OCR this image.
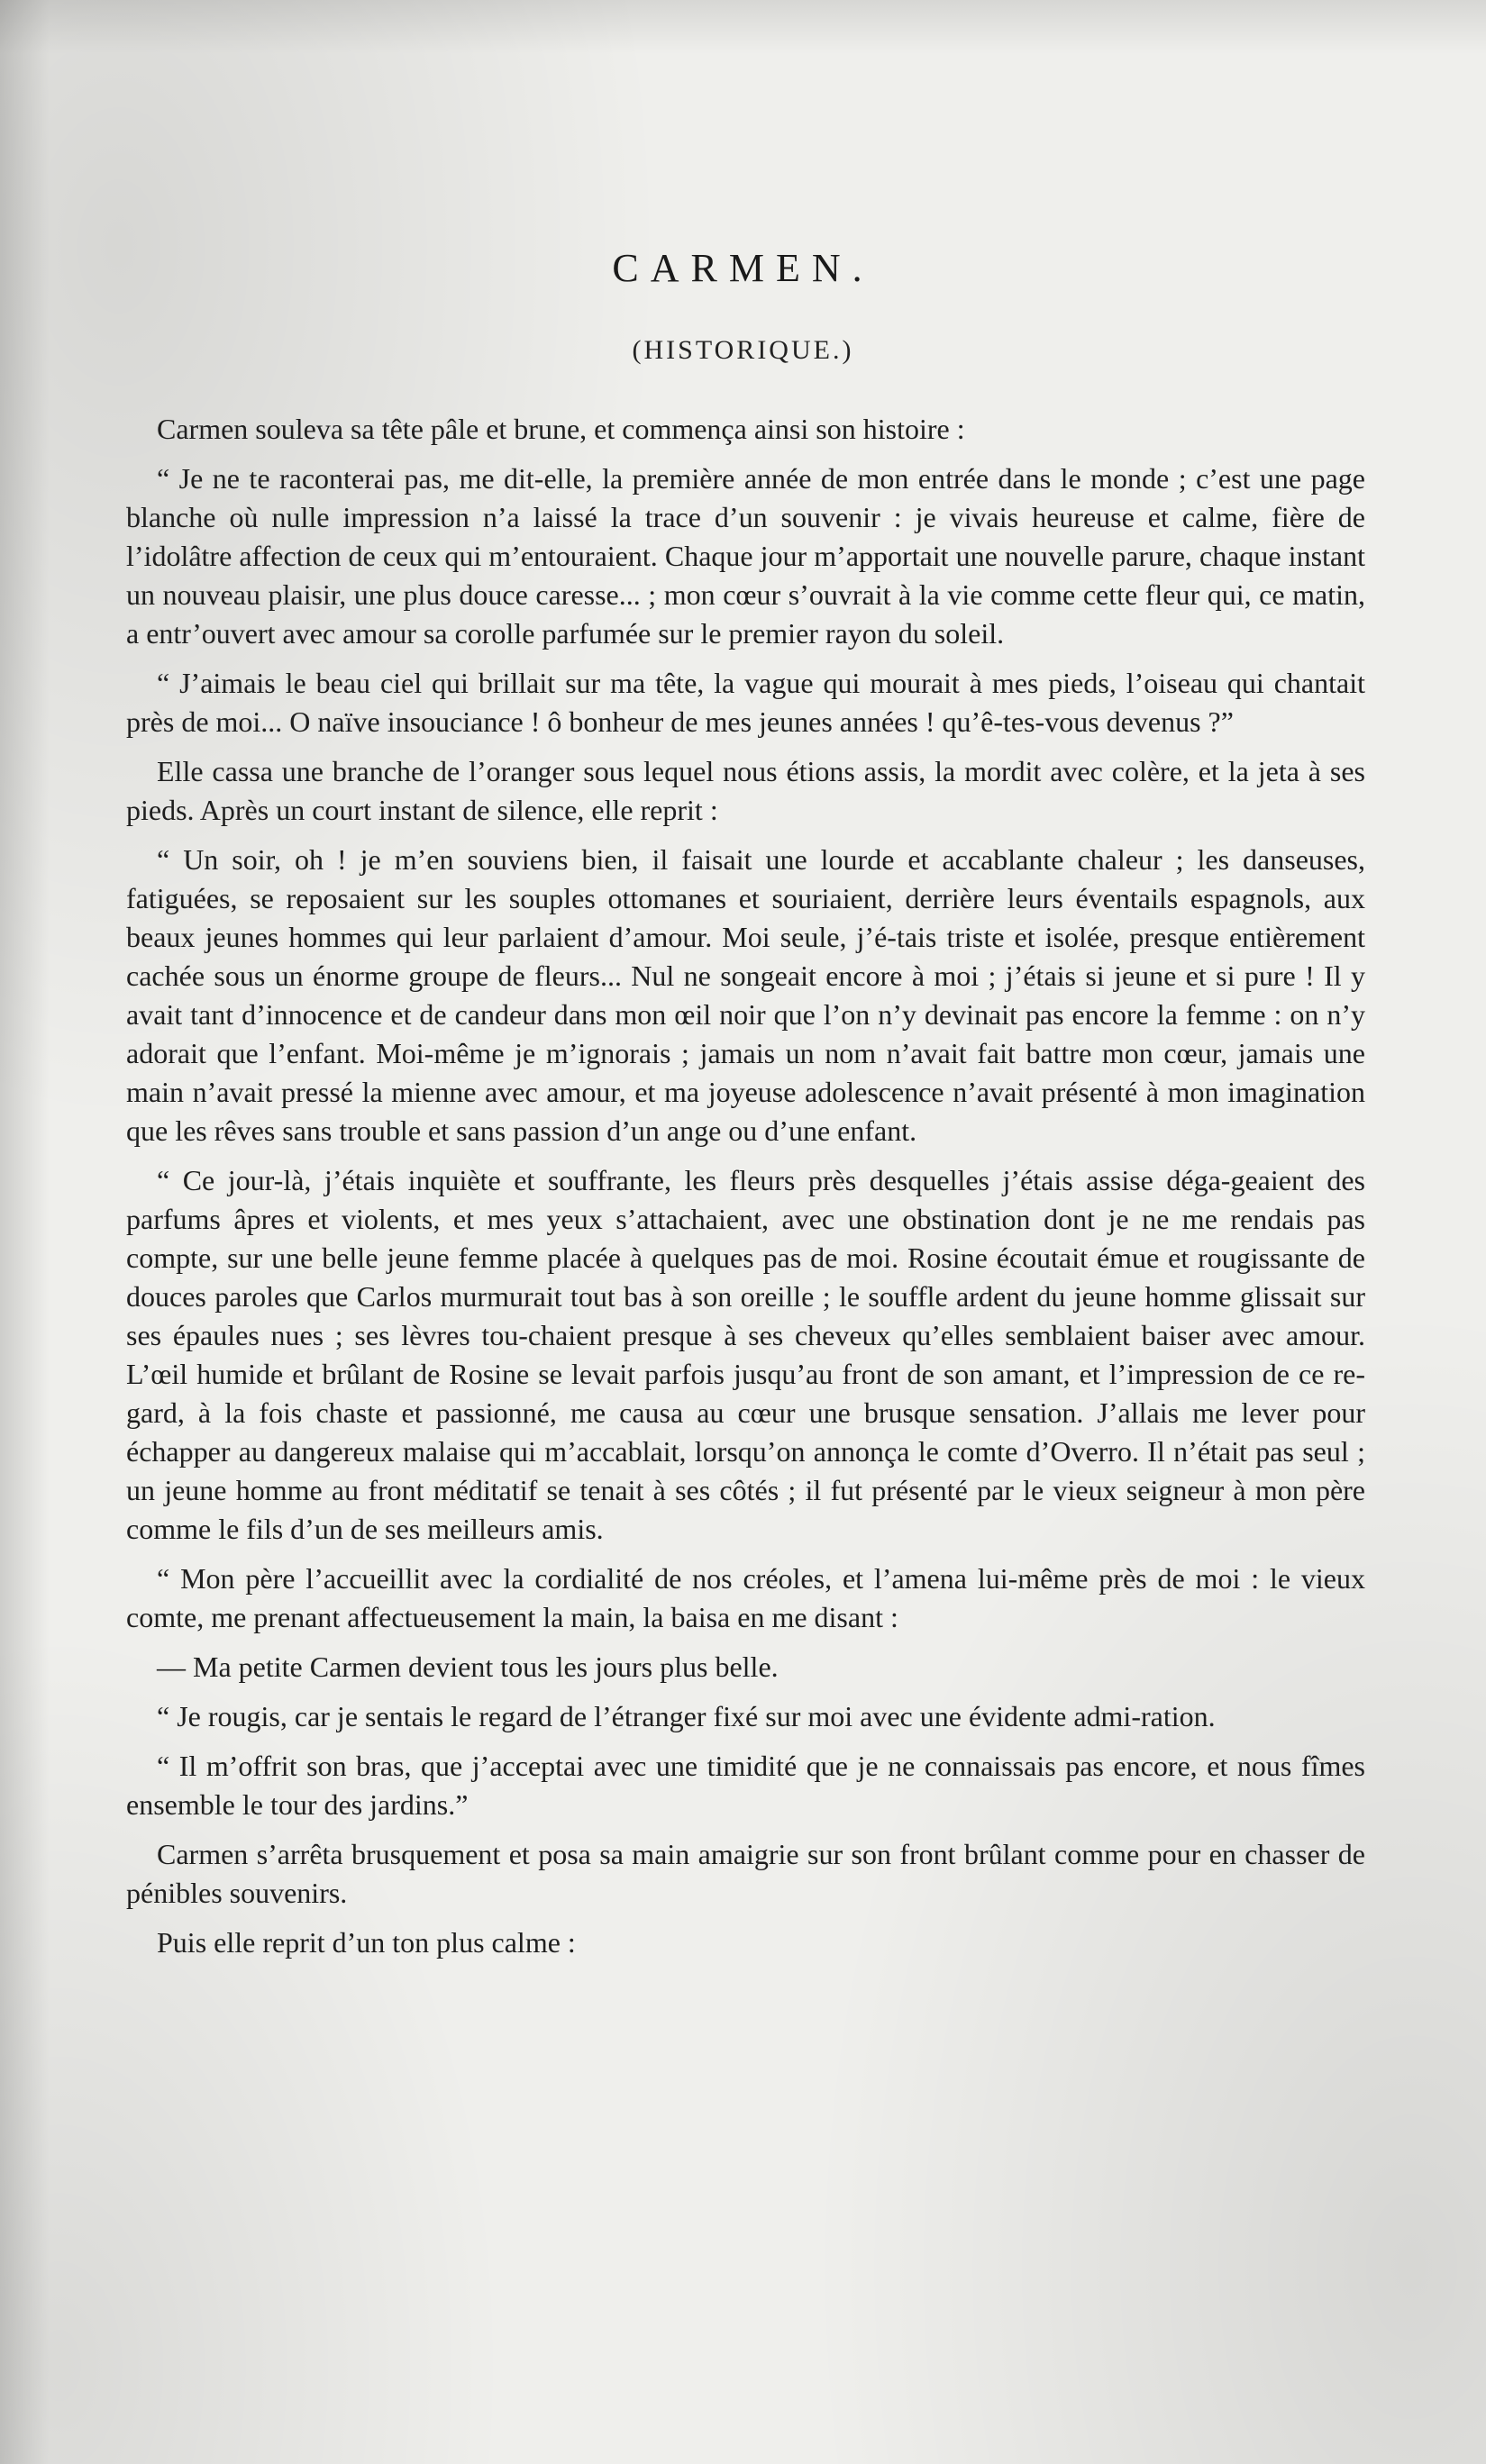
CARMEN.
(HISTORIQUE.)

Carmen souleva sa tête pâle et brune, et commença ainsi son histoire :

“ Je ne te raconterai pas, me dit-elle, la première année de mon entrée dans le monde ; c’est une page blanche où nulle impression n’a laissé la trace d’un souvenir : je vivais heureuse et calme, fière de l’idolâtre affection de ceux qui m’entouraient. Chaque jour m’apportait une nouvelle parure, chaque instant un nouveau plaisir, une plus douce caresse... ; mon cœur s’ouvrait à la vie comme cette fleur qui, ce matin, a entr’ouvert avec amour sa corolle parfumée sur le premier rayon du soleil.

“ J’aimais le beau ciel qui brillait sur ma tête, la vague qui mourait à mes pieds, l’oiseau qui chantait près de moi... O naïve insouciance ! ô bonheur de mes jeunes années ! qu’ê-tes-vous devenus ?”

Elle cassa une branche de l’oranger sous lequel nous étions assis, la mordit avec colère, et la jeta à ses pieds. Après un court instant de silence, elle reprit :

“ Un soir, oh ! je m’en souviens bien, il faisait une lourde et accablante chaleur ; les danseuses, fatiguées, se reposaient sur les souples ottomanes et souriaient, derrière leurs éventails espagnols, aux beaux jeunes hommes qui leur parlaient d’amour. Moi seule, j’é-tais triste et isolée, presque entièrement cachée sous un énorme groupe de fleurs... Nul ne songeait encore à moi ; j’étais si jeune et si pure ! Il y avait tant d’innocence et de candeur dans mon œil noir que l’on n’y devinait pas encore la femme : on n’y adorait que l’enfant. Moi-même je m’ignorais ; jamais un nom n’avait fait battre mon cœur, jamais une main n’avait pressé la mienne avec amour, et ma joyeuse adolescence n’avait présenté à mon imagination que les rêves sans trouble et sans passion d’un ange ou d’une enfant.

“ Ce jour-là, j’étais inquiète et souffrante, les fleurs près desquelles j’étais assise déga-geaient des parfums âpres et violents, et mes yeux s’attachaient, avec une obstination dont je ne me rendais pas compte, sur une belle jeune femme placée à quelques pas de moi. Rosine écoutait émue et rougissante de douces paroles que Carlos murmurait tout bas à son oreille ; le souffle ardent du jeune homme glissait sur ses épaules nues ; ses lèvres tou-chaient presque à ses cheveux qu’elles semblaient baiser avec amour. L’œil humide et brûlant de Rosine se levait parfois jusqu’au front de son amant, et l’impression de ce re-gard, à la fois chaste et passionné, me causa au cœur une brusque sensation. J’allais me lever pour échapper au dangereux malaise qui m’accablait, lorsqu’on annonça le comte d’Overro. Il n’était pas seul ; un jeune homme au front méditatif se tenait à ses côtés ; il fut présenté par le vieux seigneur à mon père comme le fils d’un de ses meilleurs amis.

“ Mon père l’accueillit avec la cordialité de nos créoles, et l’amena lui-même près de moi : le vieux comte, me prenant affectueusement la main, la baisa en me disant :

— Ma petite Carmen devient tous les jours plus belle.

“ Je rougis, car je sentais le regard de l’étranger fixé sur moi avec une évidente admi-ration.

“ Il m’offrit son bras, que j’acceptai avec une timidité que je ne connaissais pas encore, et nous fîmes ensemble le tour des jardins.”

Carmen s’arrêta brusquement et posa sa main amaigrie sur son front brûlant comme pour en chasser de pénibles souvenirs.

Puis elle reprit d’un ton plus calme :
